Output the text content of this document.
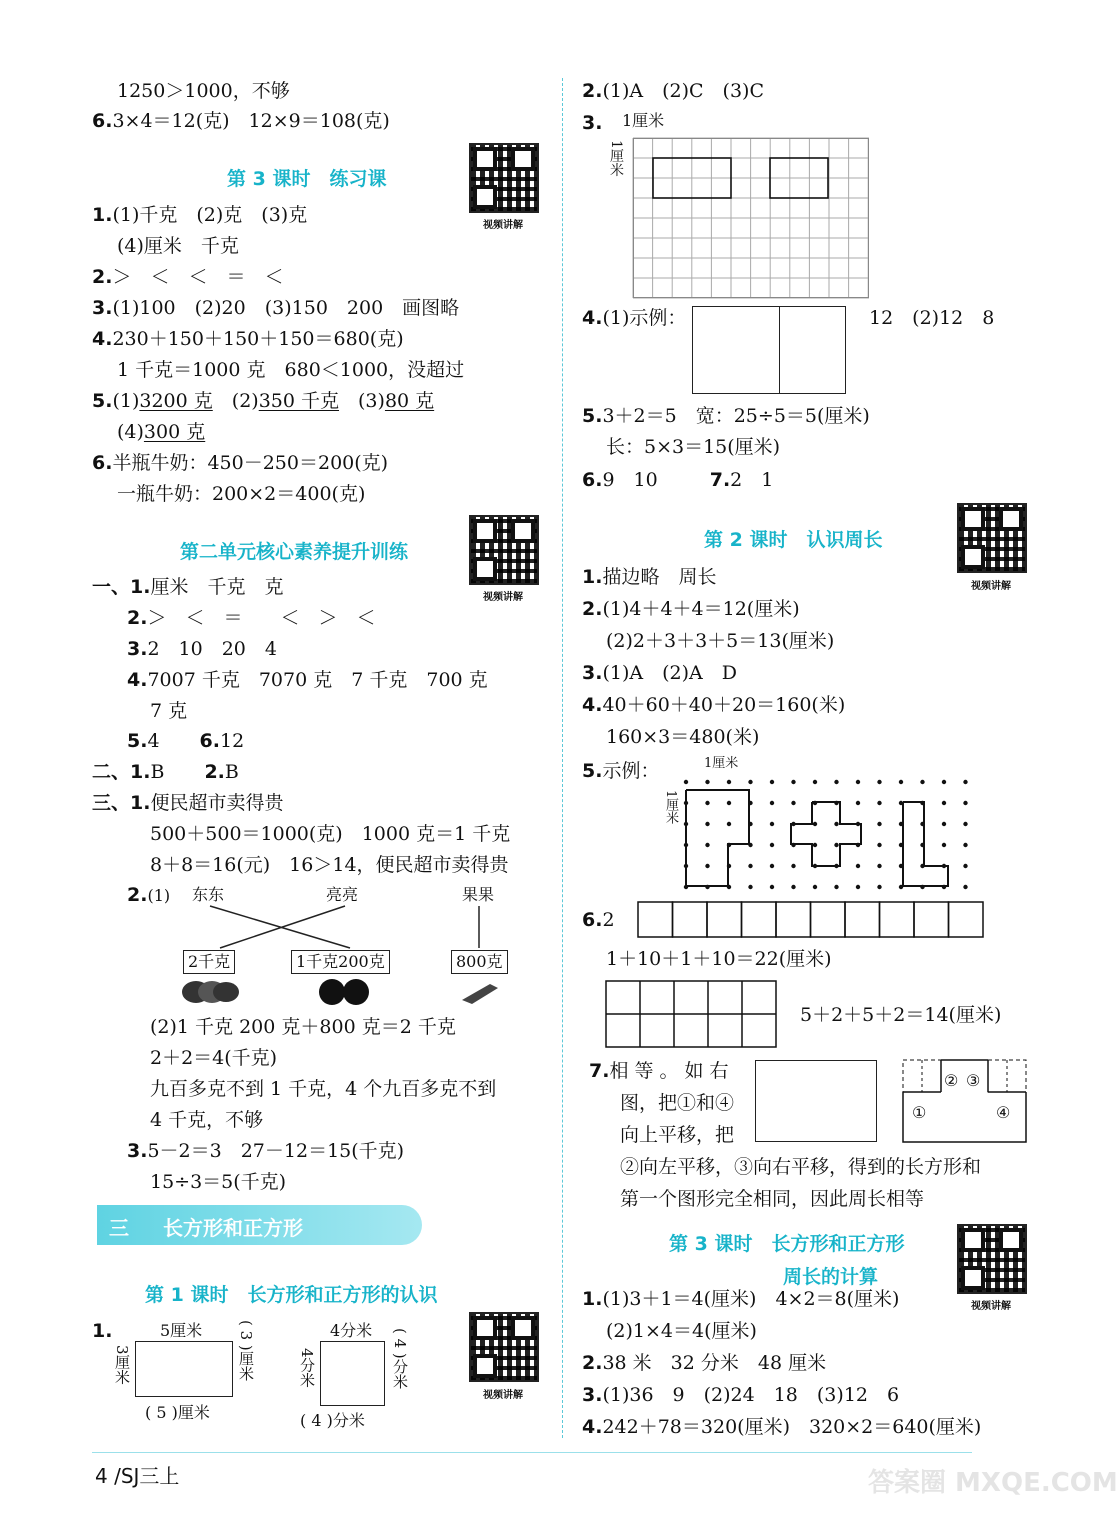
1250＞1000，不够
6.3×4＝12(克)　12×9＝108(克)
第 3 课时　练习课
视频讲解
1.(1)千克　(2)克　(3)克
(4)厘米　千克
2.＞　＜　＜　＝　＜
3.(1)100　(2)20　(3)150　200　画图略
4.230＋150＋150＋150＝680(克)
1 千克＝1000 克　680＜1000，没超过
5.(1)3200 克　(2)350 千克　(3)80 克
(4)300 克
6.半瓶牛奶：450－250＝200(克)
一瓶牛奶：200×2＝400(克)
第二单元核心素养提升训练
视频讲解
一、1.厘米　千克　克
2.＞　＜　＝　　＜　＞　＜
3.2　10　20　4
4.7007 千克　7070 克　7 千克　700 克
7 克
5.4 6.12
二、1.B 2.B
三、1.便民超市卖得贵
500＋500＝1000(克)　1000 克＝1 千克
8＋8＝16(元)　16＞14，便民超市卖得贵
2.(1) 东东	亮亮	果果
2千克	1千克200克	800克
(2)1 千克 200 克＋800 克＝2 千克
2＋2＝4(千克)
九百多克不到 1 千克，4 个九百多克不到
4 千克，不够
3.5－2＝3　27－12＝15(千克)
15÷3＝5(千克)
三 长方形和正方形
第 1 课时　长方形和正方形的认识
视频讲解
1.	5厘米
3厘米	( 3 )厘米
( 5 )厘米
4分米
4分米	( 4 )分米
( 4 )分米
2.(1)A　(2)C　(3)C
3. 1厘米
1厘米
4.(1)示例：	12　(2)12　8
5.3＋2＝5　宽：25÷5＝5(厘米)
长：5×3＝15(厘米)
6.9　10	7.2　1
第 2 课时　认识周长
视频讲解
1.描边略　周长
2.(1)4＋4＋4＝12(厘米)
(2)2＋3＋3＋5＝13(厘米)
3.(1)A　(2)A　D
4.40＋60＋40＋20＝160(米)
160×3＝480(米)
5.示例：	1厘米
1厘米
6.2
1＋10＋1＋10＝22(厘米)
5＋2＋5＋2＝14(厘米)
7.相等。如右
图，把①和④
向上平移，把
①
② ③
④
②向左平移，③向右平移，得到的长方形和
第一个图形完全相同，因此周长相等
第 3 课时　长方形和正方形
周长的计算
视频讲解
1.(1)3＋1＝4(厘米)　4×2＝8(厘米)
(2)1×4＝4(厘米)
2.38 米　32 分米　48 厘米
3.(1)36　9　(2)24　18　(3)12　6
4.242＋78＝320(厘米)　320×2＝640(厘米)
4 /SJ三上	答案圈 MXQE.COM
